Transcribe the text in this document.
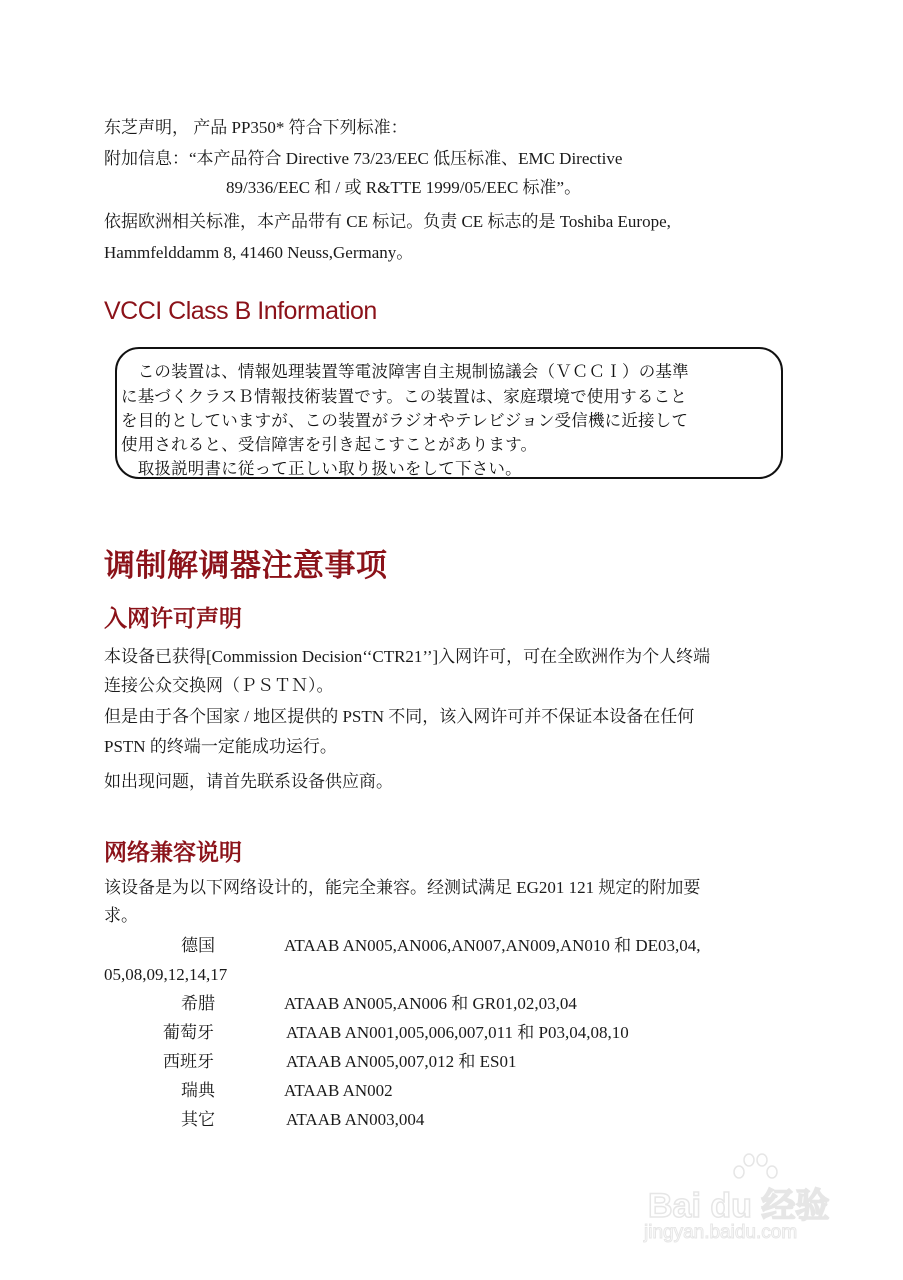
东芝声明， 产品 PP350* 符合下列标准：
附加信息：“本产品符合 Directive 73/23/EEC 低压标准、EMC Directive
89/336/EEC 和 / 或 R&TTE 1999/05/EEC 标准”。
依据欧洲相关标准，本产品带有 CE 标记。负责 CE 标志的是 Toshiba Europe,
Hammfelddamm 8, 41460 Neuss,Germany。
VCCI Class B Information
　この装置は、情報処理装置等電波障害自主規制協議会（ＶＣＣＩ）の基準
に基づくクラスＢ情報技術装置です。この装置は、家庭環境で使用すること
を目的としていますが、この装置がラジオやテレビジョン受信機に近接して
使用されると、受信障害を引き起こすことがあります。
　取扱説明書に従って正しい取り扱いをして下さい。
调制解调器注意事项
入网许可声明
本设备已获得[Commission Decision‘‘CTR21’’]入网许可，可在全欧洲作为个人终端
连接公众交换网（ＰＳＴＮ）。
但是由于各个国家 / 地区提供的 PSTN 不同，该入网许可并不保证本设备在任何
PSTN 的终端一定能成功运行。
如出现问题，请首先联系设备供应商。
网络兼容说明
该设备是为以下网络设计的，能完全兼容。经测试满足 EG201 121 规定的附加要
求。
德国	ATAAB AN005,AN006,AN007,AN009,AN010 和 DE03,04,
05,08,09,12,14,17
希腊	ATAAB AN005,AN006 和 GR01,02,03,04
葡萄牙	ATAAB AN001,005,006,007,011 和 P03,04,08,10
西班牙	ATAAB AN005,007,012 和 ES01
瑞典	ATAAB AN002
其它	ATAAB AN003,004
Bai du 经验
jingyan.baidu.com
